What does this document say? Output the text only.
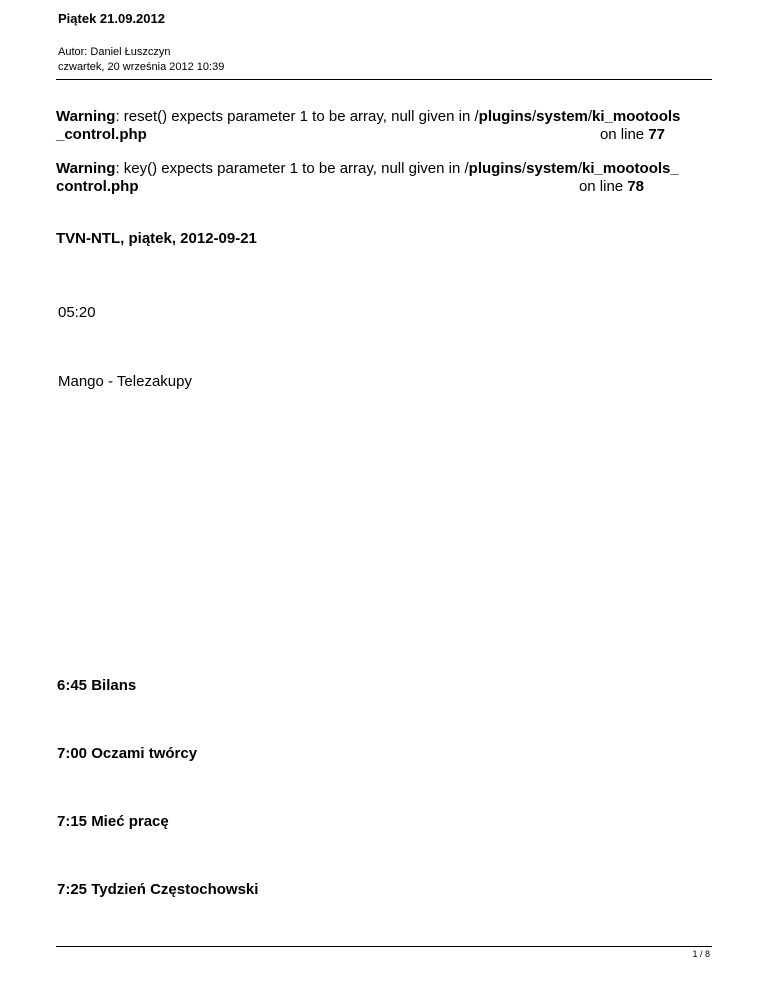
Piątek 21.09.2012
Autor: Daniel Łuszczyn
czwartek, 20 września 2012 10:39
Warning: reset() expects parameter 1 to be array, null given in /plugins/system/ki_mootools
_control.php	on line 77
Warning: key() expects parameter 1 to be array, null given in /plugins/system/ki_mootools_
control.php	on line 78
TVN-NTL, piątek, 2012-09-21
05:20
Mango - Telezakupy
6:45 Bilans
7:00 Oczami twórcy
7:15 Mieć pracę
7:25 Tydzień Częstochowski
1 / 8
